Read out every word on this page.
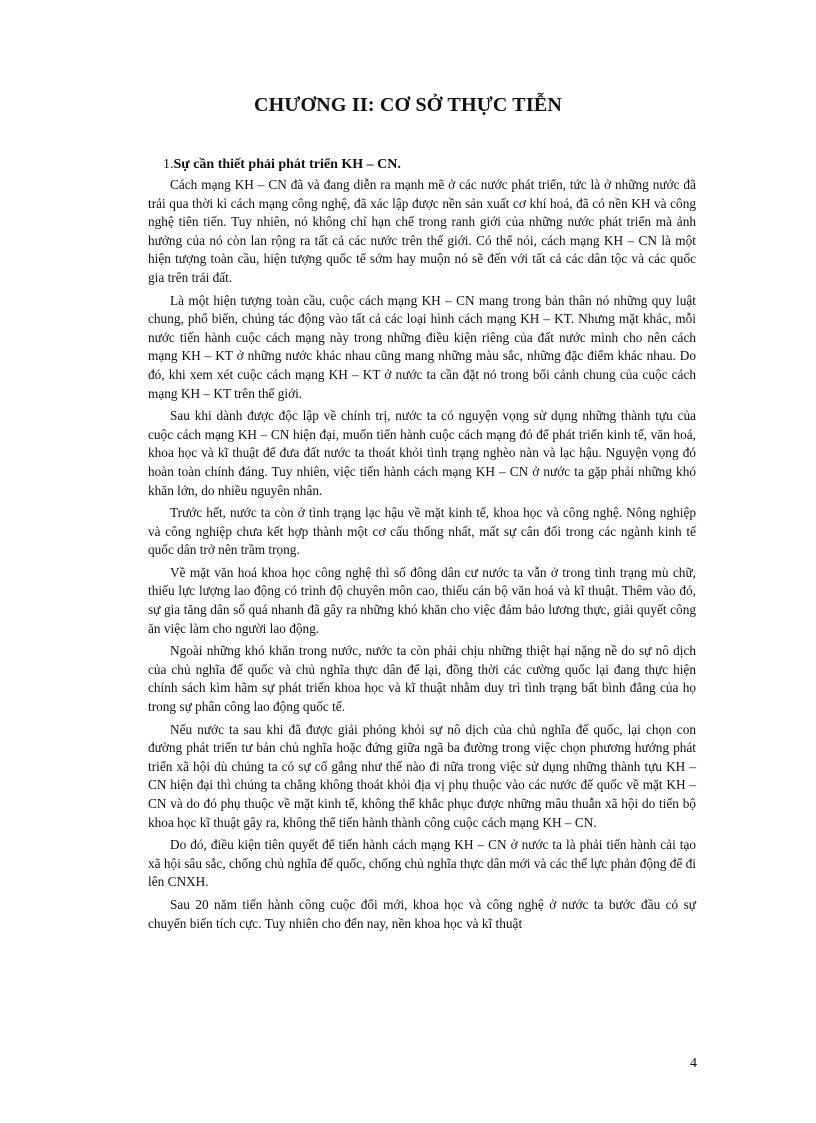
CHƯƠNG II: CƠ SỞ THỰC TIỄN
1.Sự cần thiết phải phát triển KH – CN.

Cách mạng KH – CN đã và đang diễn ra mạnh mẽ ở các nước phát triển, tức là ở những nước đã trải qua thời kì cách mạng công nghệ, đã xác lập được nền sản xuất cơ khí hoá, đã có nền KH và công nghệ tiên tiến. Tuy nhiên, nó không chỉ hạn chế trong ranh giới của những nước phát triển mà ảnh hưởng của nó còn lan rộng ra tất cả các nước trên thế giới. Có thể nói, cách mạng KH – CN là một hiện tượng toàn cầu, hiện tượng quốc tế sớm hay muộn nó sẽ đến với tất cả các dân tộc và các quốc gia trên trái đất.

Là một hiện tượng toàn cầu, cuộc cách mạng KH – CN mang trong bản thân nó những quy luật chung, phổ biến, chúng tác động vào tất cả các loại hình cách mạng KH – KT. Nhưng mặt khác, mỗi nước tiến hành cuộc cách mạng này trong những điều kiện riêng của đất nước mình cho nên cách mạng KH – KT ở những nước khác nhau cũng mang những màu sắc, những đặc điểm khác nhau. Do đó, khi xem xét cuộc cách mạng KH – KT ở nước ta cần đặt nó trong bối cảnh chung của cuộc cách mạng KH – KT trên thế giới.

Sau khi dành được độc lập về chính trị, nước ta có nguyện vọng sử dụng những thành tựu của cuộc cách mạng KH – CN hiện đại, muốn tiến hành cuộc cách mạng đó để phát triển kinh tế, văn hoá, khoa học và kĩ thuật để đưa đất nước ta thoát khỏi tình trạng nghèo nàn và lạc hậu. Nguyện vọng đó hoàn toàn chính đáng. Tuy nhiên, việc tiến hành cách mạng KH – CN ở nước ta gặp phải những khó khăn lớn, do nhiều nguyên nhân.

Trước hết, nước ta còn ở tình trạng lạc hậu về mặt kinh tế, khoa học và công nghệ. Nông nghiệp và công nghiệp chưa kết hợp thành một cơ cấu thống nhất, mất sự cân đối trong các ngành kinh tế quốc dân trở nên trầm trọng.

Về mặt văn hoá khoa học công nghệ thì số đông dân cư nước ta vẫn ở trong tình trạng mù chữ, thiếu lực lượng lao động có trình độ chuyên môn cao, thiếu cán bộ văn hoá và kĩ thuật. Thêm vào đó, sự gia tăng dân số quá nhanh đã gây ra những khó khăn cho việc đảm bảo lương thực, giải quyết công ăn việc làm cho người lao động.

Ngoài những khó khăn trong nước, nước ta còn phải chịu những thiệt hại nặng nề do sự nô dịch của chủ nghĩa đế quốc và chủ nghĩa thực dân để lại, đồng thời các cường quốc lại đang thực hiện chính sách kìm hãm sự phát triển khoa học và kĩ thuật nhằm duy trì tình trạng bất bình đẳng của họ trong sự phân công lao động quốc tế.

Nếu nước ta sau khi đã được giải phóng khỏi sự nô dịch của chủ nghĩa đế quốc, lại chọn con đường phát triển tư bản chủ nghĩa hoặc đứng giữa ngã ba đường trong việc chọn phương hướng phát triển xã hội dù chúng ta có sự cố gắng như thế nào đi nữa trong việc sử dụng những thành tựu KH – CN hiện đại thì chúng ta chẳng không thoát khỏi địa vị phụ thuộc vào các nước đế quốc về mặt KH – CN và do đó phụ thuộc về mặt kinh tế, không thể khắc phục được những mâu thuẫn xã hội do tiến bộ khoa học kĩ thuật gây ra, không thể tiến hành thành công cuộc cách mạng KH – CN.

Do đó, điều kiện tiên quyết để tiến hành cách mạng KH – CN ở nước ta là phải tiến hành cải tạo xã hội sâu sắc, chống chủ nghĩa đế quốc, chống chủ nghĩa thực dân mới và các thế lực phản động để đi lên CNXH.

Sau 20 năm tiến hành công cuộc đổi mới, khoa học và công nghệ ở nước ta bước đầu có sự chuyển biến tích cực. Tuy nhiên cho đến nay, nền khoa học và kĩ thuật

4
